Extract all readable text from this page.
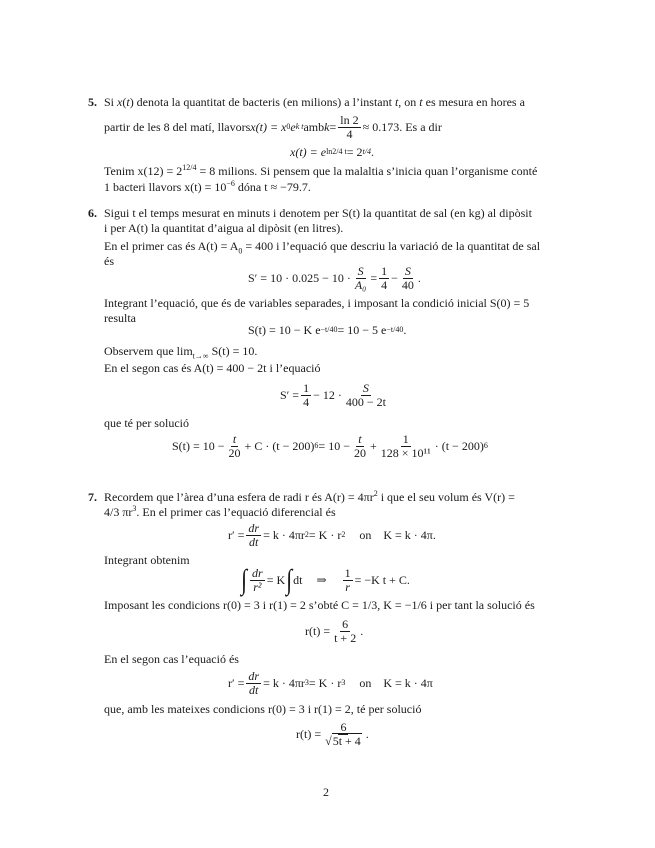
5. Si x(t) denota la quantitat de bacteris (en milions) a l’instant t, on t es mesura en hores a
partir de les 8 del matí, llavors x(t) = x 0 e k t amb $k = \frac{\ln 2}{4} \approx 0.173$. Es a dir
x(t) = e ln2/4 t = 2 t/4 .
Tenim $x(12) = 2^{12/4} = 8$ milions. Si pensem que la malaltia s’inicia quan l’organisme conté
1 bacteri llavors $x(t) = 10^{-6}$ dóna t ≈ −79.7.
6. Sigui t el temps mesurat en minuts i denotem per S(t) la quantitat de sal (en kg) al dipòsit
i per A(t) la quantitat d’aigua al dipòsit (en litres).
En el primer cas és $A(t) = A_0 = 400$ i l’equació que descriu la variació de la quantitat de sal
és
$S' = 10 \cdot 0.025 - 10 \cdot \frac{S}{\text{A₀}} = \frac{1}{4} - \frac{S}{40}$ .
Integrant l’equació, que és de variables separades, i imposant la condició inicial S(0) = 5
resulta
S(t) = 10 − K e −t/40 = 10 − 5 e −t/40 .
Observem que $\lim_{t\to\infty} S(t) = 10$.
En el segon cas és A(t) = 400 − 2t i l’equació
$S' = \frac{1}{4} - 12 \cdot \frac{S}{400 - 2t}$
que té per solució
$S(t) = 10 - \frac{t}{20} + C \cdot (t - 200) 6 = 10 - \frac{t}{20} + \frac{1}{\text{128 × 10¹¹}} \cdot (t - 200)$ 6
7. Recordem que l’àrea d’una esfera de radi r és $A(r) = 4\pi r^2$ i que el seu volum és V(r) =
4/3 $\pi r^3$. En el primer cas l’equació diferencial és
$r' = \frac{dr}{dt} = k \cdot 4\pi r$ 2 = K · r 2 on K = k · 4π.
Integrant obtenim
∫ $\frac{dr}{\text{r²}} = K$ ∫ dt ⇒ $\frac{1}{r} = -K$ t + C.
Imposant les condicions r(0) = 3 i r(1) = 2 s’obté C = 1/3, K = −1/6 i per tant la solució és
$r(t) = \frac{6}{t + 2}$ .
En el segon cas l’equació és
$r' = \frac{dr}{dt} = k \cdot 4\pi r$ 3 = K · r 3 on K = k · 4π
que, amb les mateixes condicions r(0) = 3 i r(1) = 2, té per solució
$r(t) = \frac{6}{√5t + 4}$ .
2
